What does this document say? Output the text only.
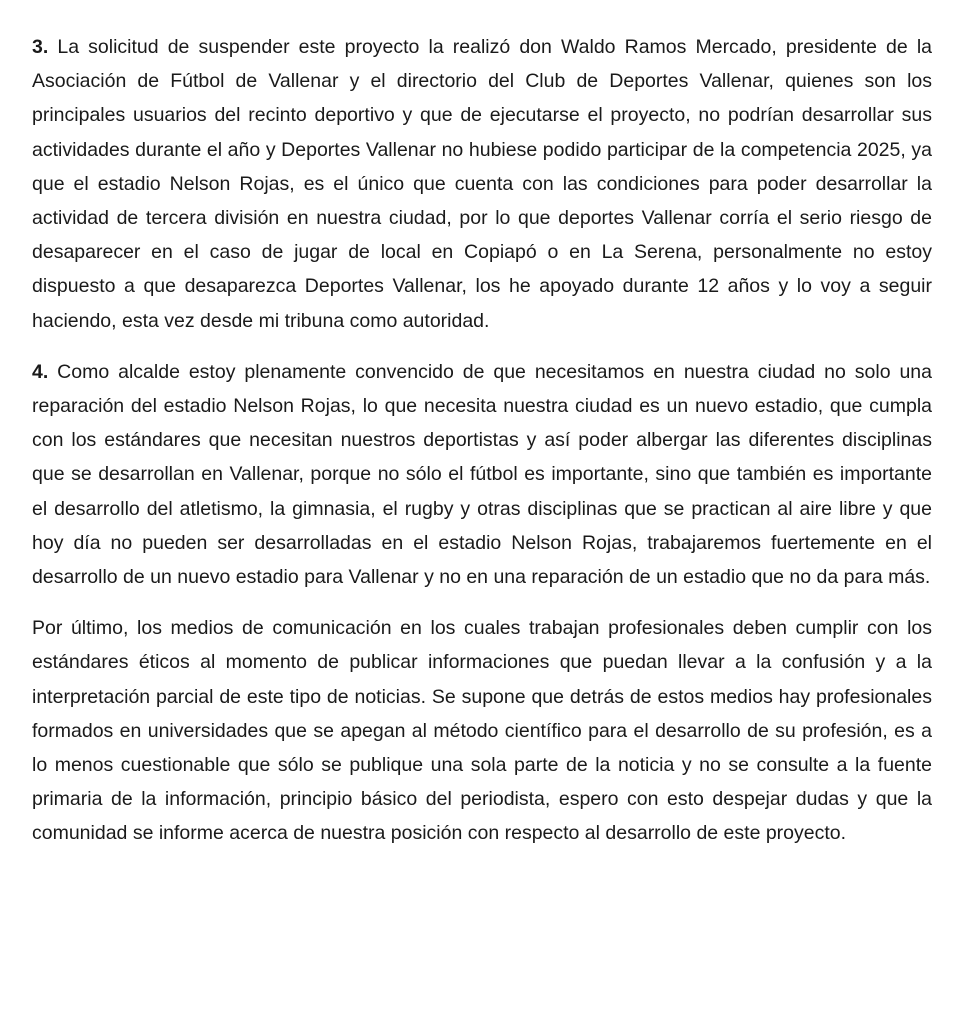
3. La solicitud de suspender este proyecto la realizó don Waldo Ramos Mercado, presidente de la Asociación de Fútbol de Vallenar y el directorio del Club de Deportes Vallenar, quienes son los principales usuarios del recinto deportivo y que de ejecutarse el proyecto, no podrían desarrollar sus actividades durante el año y Deportes Vallenar no hubiese podido participar de la competencia 2025, ya que el estadio Nelson Rojas, es el único que cuenta con las condiciones para poder desarrollar la actividad de tercera división en nuestra ciudad, por lo que deportes Vallenar corría el serio riesgo de desaparecer en el caso de jugar de local en Copiapó o en La Serena, personalmente no estoy dispuesto a que desaparezca Deportes Vallenar, los he apoyado durante 12 años y lo voy a seguir haciendo, esta vez desde mi tribuna como autoridad.

4. Como alcalde estoy plenamente convencido de que necesitamos en nuestra ciudad no solo una reparación del estadio Nelson Rojas, lo que necesita nuestra ciudad es un nuevo estadio, que cumpla con los estándares que necesitan nuestros deportistas y así poder albergar las diferentes disciplinas que se desarrollan en Vallenar, porque no sólo el fútbol es importante, sino que también es importante el desarrollo del atletismo, la gimnasia, el rugby y otras disciplinas que se practican al aire libre y que hoy día no pueden ser desarrolladas en el estadio Nelson Rojas, trabajaremos fuertemente en el desarrollo de un nuevo estadio para Vallenar y no en una reparación de un estadio que no da para más.

Por último, los medios de comunicación en los cuales trabajan profesionales deben cumplir con los estándares éticos al momento de publicar informaciones que puedan llevar a la confusión y a la interpretación parcial de este tipo de noticias. Se supone que detrás de estos medios hay profesionales formados en universidades que se apegan al método científico para el desarrollo de su profesión, es a lo menos cuestionable que sólo se publique una sola parte de la noticia y no se consulte a la fuente primaria de la información, principio básico del periodista, espero con esto despejar dudas y que la comunidad se informe acerca de nuestra posición con respecto al desarrollo de este proyecto.
